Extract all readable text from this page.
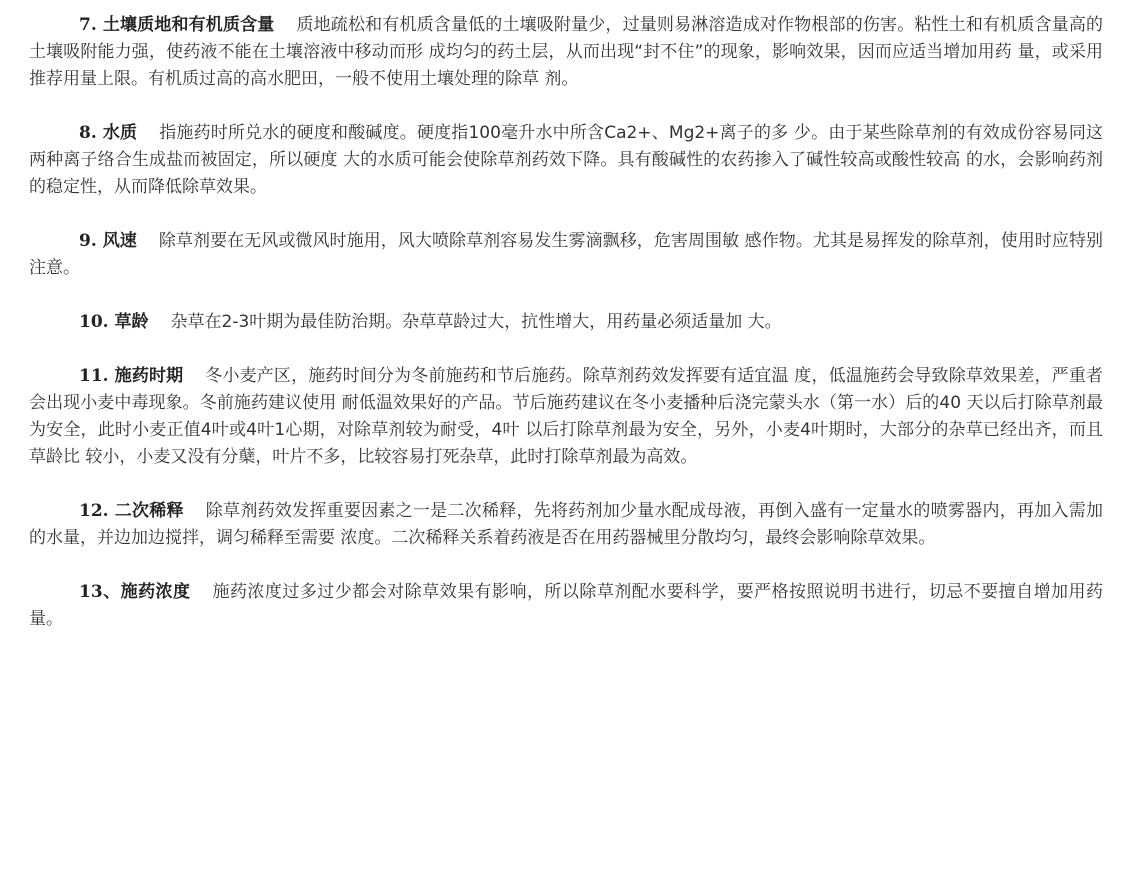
7. 土壤质地和有机质含量 质地疏松和有机质含量低的土壤吸附量少，过量则易淋溶造成对作物根部的伤害。粘性土和有机质含量高的土壤吸附能力强，使药液不能在土壤溶液中移动而形 成均匀的药土层，从而出现“封不住”的现象，影响效果，因而应适当增加用药 量，或采用推荐用量上限。有机质过高的高水肥田，一般不使用土壤处理的除草 剂。

8. 水质 指施药时所兑水的硬度和酸碱度。硬度指100毫升水中所含Ca2+、Mg2+离子的多 少。由于某些除草剂的有效成份容易同这两种离子络合生成盐而被固定，所以硬度 大的水质可能会使除草剂药效下降。具有酸碱性的农药掺入了碱性较高或酸性较高 的水，会影响药剂的稳定性，从而降低除草效果。

9. 风速 除草剂要在无风或微风时施用，风大喷除草剂容易发生雾滴飘移，危害周围敏 感作物。尤其是易挥发的除草剂，使用时应特别注意。

10. 草龄 杂草在2-3叶期为最佳防治期。杂草草龄过大，抗性增大，用药量必须适量加 大。

11. 施药时期 冬小麦产区，施药时间分为冬前施药和节后施药。除草剂药效发挥要有适宜温 度，低温施药会导致除草效果差，严重者会出现小麦中毒现象。冬前施药建议使用 耐低温效果好的产品。节后施药建议在冬小麦播种后浇完蒙头水（第一水）后的40 天以后打除草剂最为安全，此时小麦正值4叶或4叶1心期，对除草剂较为耐受，4叶 以后打除草剂最为安全，另外，小麦4叶期时，大部分的杂草已经出齐，而且草龄比 较小，小麦又没有分蘖，叶片不多，比较容易打死杂草，此时打除草剂最为高效。

12. 二次稀释 除草剂药效发挥重要因素之一是二次稀释，先将药剂加少量水配成母液，再倒入盛有一定量水的喷雾器内，再加入需加的水量，并边加边搅拌，调匀稀释至需要 浓度。二次稀释关系着药液是否在用药器械里分散均匀，最终会影响除草效果。

13、施药浓度 施药浓度过多过少都会对除草效果有影响，所以除草剂配水要科学，要严格按照说明书进行，切忌不要擅自增加用药量。
